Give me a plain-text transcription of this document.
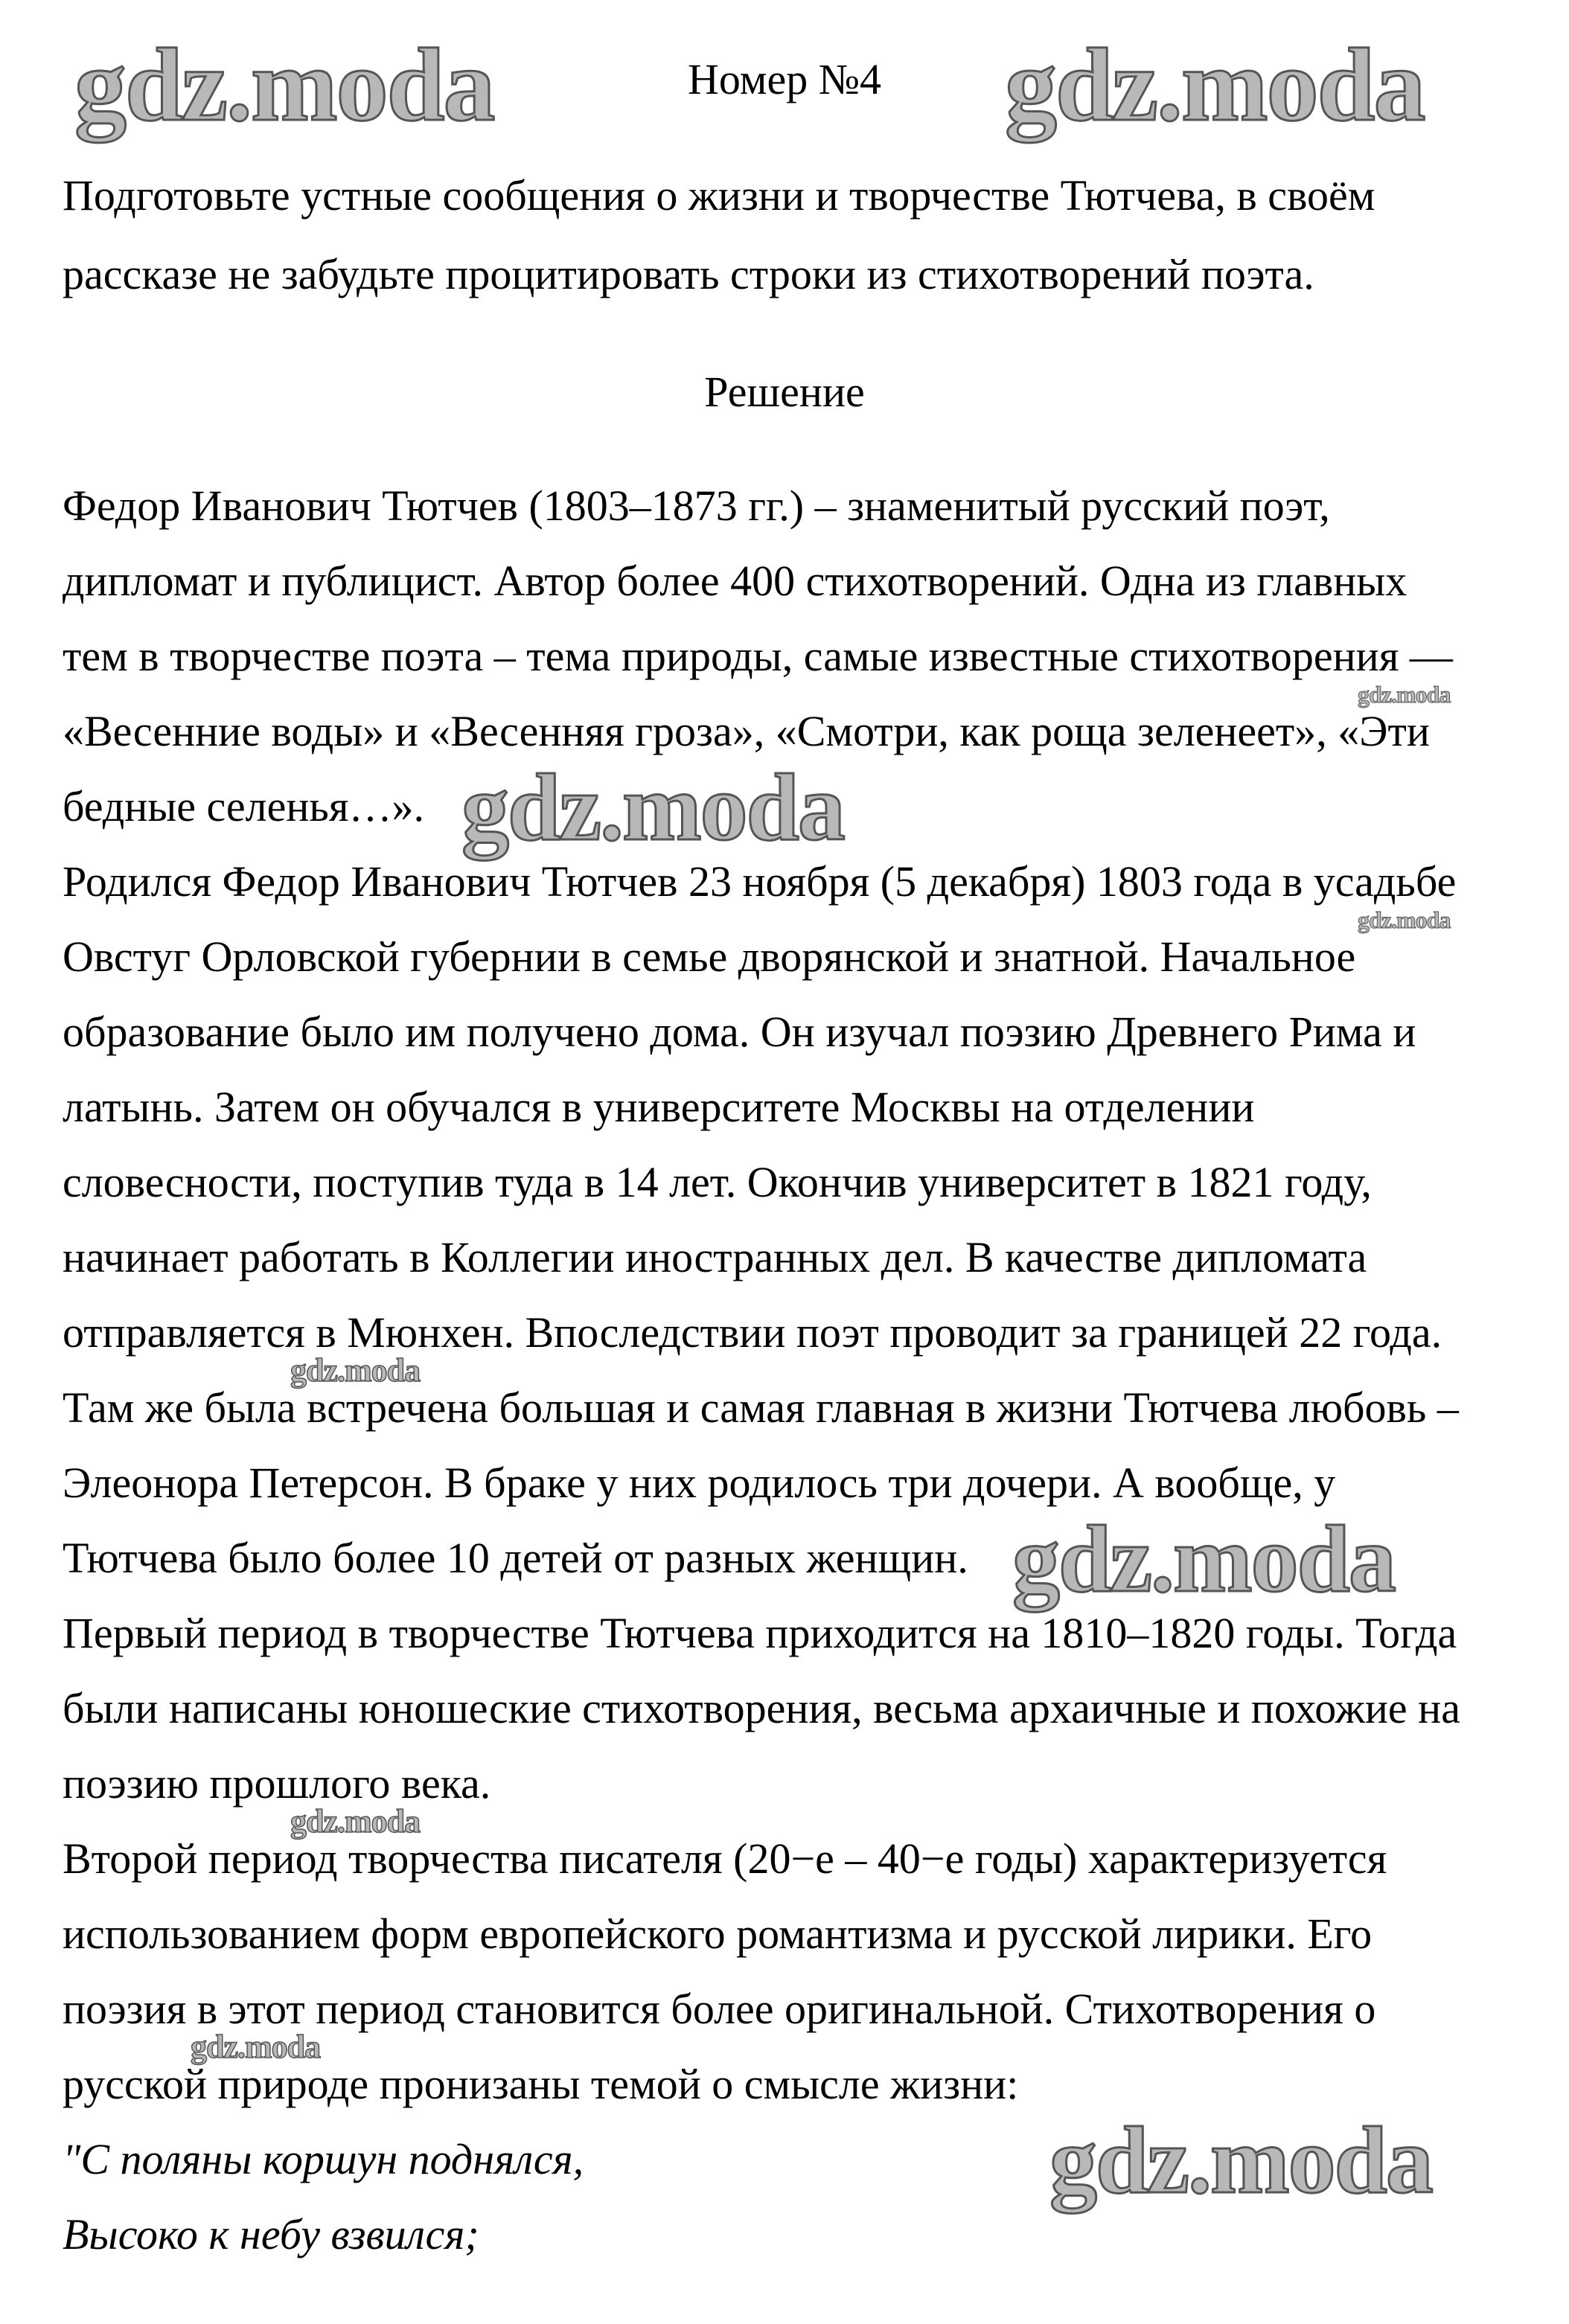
Номер №4
Подготовьте устные сообщения о жизни и творчестве Тютчева, в своём
рассказе не забудьте процитировать строки из стихотворений поэта.
Решение
Федор Иванович Тютчев (1803–1873 гг.) – знаменитый русский поэт,
дипломат и публицист. Автор более 400 стихотворений. Одна из главных
тем в творчестве поэта – тема природы, самые известные стихотворения —
«Весенние воды» и «Весенняя гроза», «Смотри, как роща зеленеет», «Эти
бедные селенья…».
Родился Федор Иванович Тютчев 23 ноября (5 декабря) 1803 года в усадьбе
Овстуг Орловской губернии в семье дворянской и знатной. Начальное
образование было им получено дома. Он изучал поэзию Древнего Рима и
латынь. Затем он обучался в университете Москвы на отделении
словесности, поступив туда в 14 лет. Окончив университет в 1821 году,
начинает работать в Коллегии иностранных дел. В качестве дипломата
отправляется в Мюнхен. Впоследствии поэт проводит за границей 22 года.
Там же была встречена большая и самая главная в жизни Тютчева любовь –
Элеонора Петерсон. В браке у них родилось три дочери. А вообще, у
Тютчева было более 10 детей от разных женщин.
Первый период в творчестве Тютчева приходится на 1810–1820 годы. Тогда
были написаны юношеские стихотворения, весьма архаичные и похожие на
поэзию прошлого века.
Второй период творчества писателя (20−е – 40−е годы) характеризуется
использованием форм европейского романтизма и русской лирики. Его
поэзия в этот период становится более оригинальной. Стихотворения о
русской природе пронизаны темой о смысле жизни:
"С поляны коршун поднялся,
Высоко к небу взвился;
gdz.moda	gdz.moda
gdz.moda
gdz.moda
gdz.moda
gdz.moda
gdz.moda
gdz.moda
gdz.moda
gdz.moda
